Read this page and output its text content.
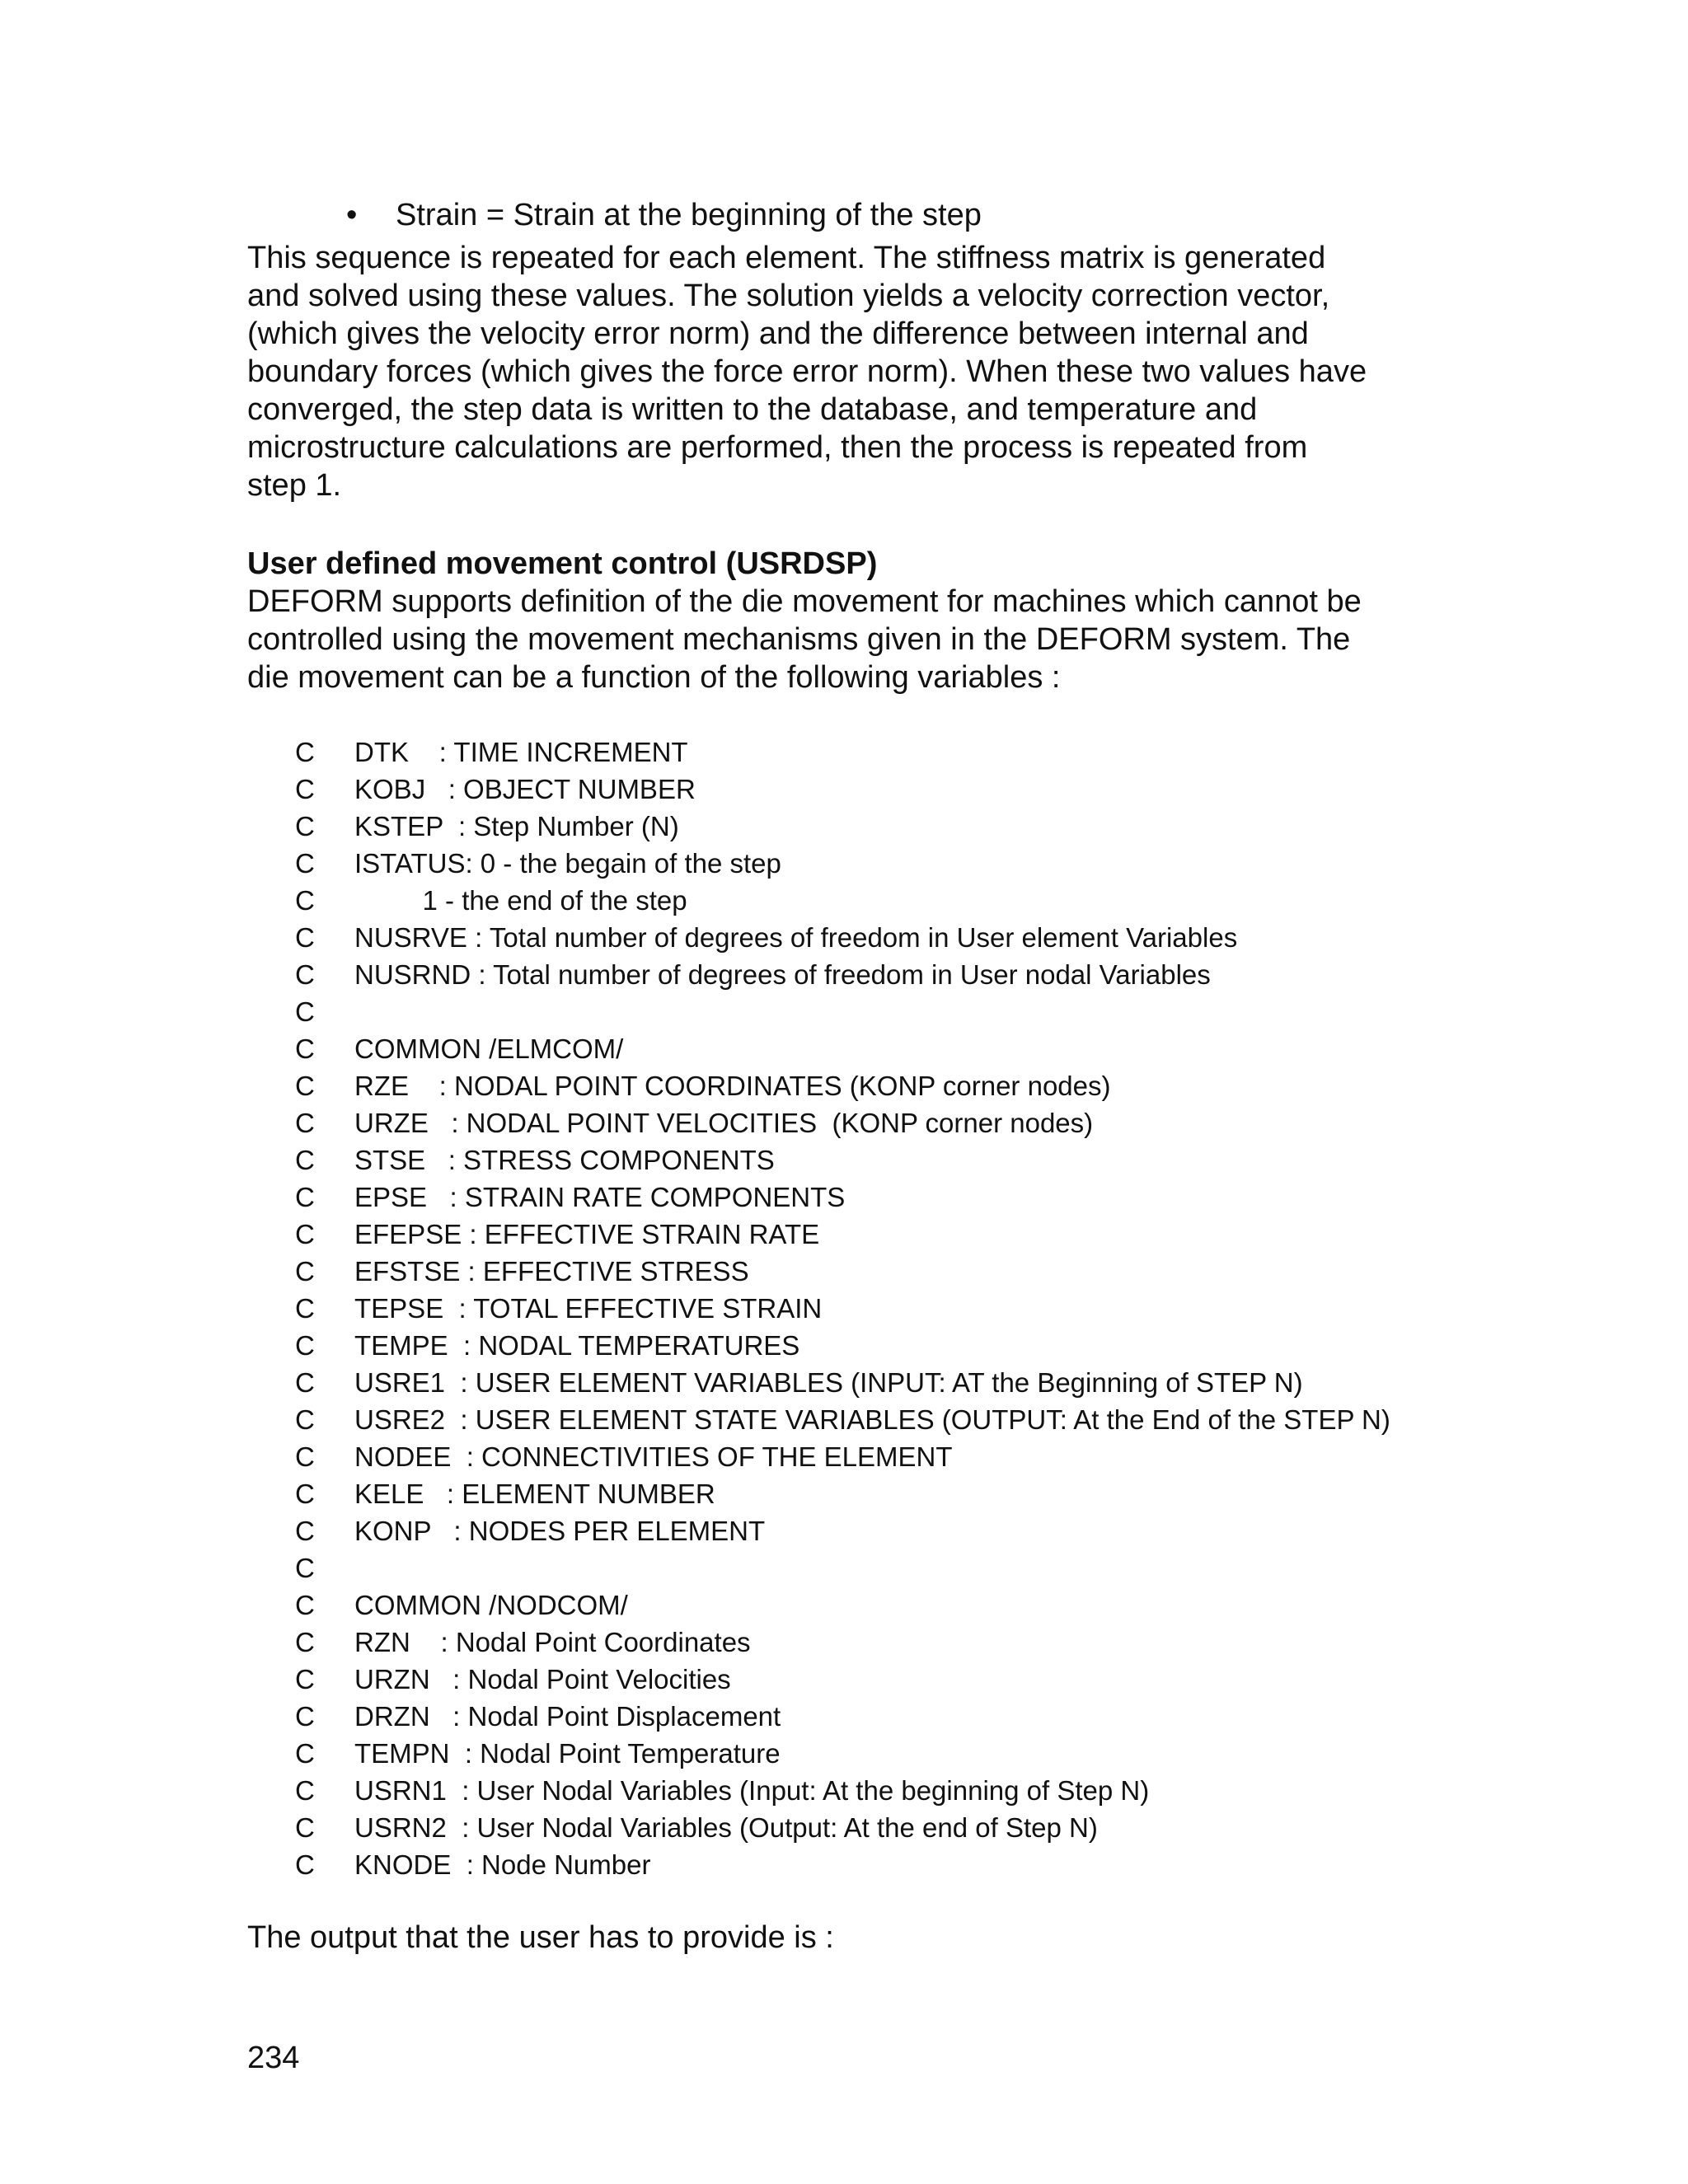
• Strain = Strain at the beginning of the step

This sequence is repeated for each element. The stiffness matrix is generated
and solved using these values. The solution yields a velocity correction vector,
(which gives the velocity error norm) and the difference between internal and
boundary forces (which gives the force error norm). When these two values have
converged, the step data is written to the database, and temperature and
microstructure calculations are performed, then the process is repeated from
step 1.

User defined movement control (USRDSP)

DEFORM supports definition of the die movement for machines which cannot be
controlled using the movement mechanisms given in the DEFORM system. The
die movement can be a function of the following variables :

C	DTK    : TIME INCREMENT
C	KOBJ   : OBJECT NUMBER
C	KSTEP  : Step Number (N)
C	ISTATUS: 0 - the begain of the step
C	1 - the end of the step
C	NUSRVE : Total number of degrees of freedom in User element Variables
C	NUSRND : Total number of degrees of freedom in User nodal Variables
C
C	COMMON /ELMCOM/
C	RZE    : NODAL POINT COORDINATES (KONP corner nodes)
C	URZE   : NODAL POINT VELOCITIES  (KONP corner nodes)
C	STSE   : STRESS COMPONENTS
C	EPSE   : STRAIN RATE COMPONENTS
C	EFEPSE : EFFECTIVE STRAIN RATE
C	EFSTSE : EFFECTIVE STRESS
C	TEPSE  : TOTAL EFFECTIVE STRAIN
C	TEMPE  : NODAL TEMPERATURES
C	USRE1  : USER ELEMENT VARIABLES (INPUT: AT the Beginning of STEP N)
C	USRE2  : USER ELEMENT STATE VARIABLES (OUTPUT: At the End of the STEP N)
C	NODEE  : CONNECTIVITIES OF THE ELEMENT
C	KELE   : ELEMENT NUMBER
C	KONP   : NODES PER ELEMENT
C
C	COMMON /NODCOM/
C	RZN    : Nodal Point Coordinates
C	URZN   : Nodal Point Velocities
C	DRZN   : Nodal Point Displacement
C	TEMPN  : Nodal Point Temperature
C	USRN1  : User Nodal Variables (Input: At the beginning of Step N)
C	USRN2  : User Nodal Variables (Output: At the end of Step N)
C	KNODE  : Node Number

The output that the user has to provide is :

234
